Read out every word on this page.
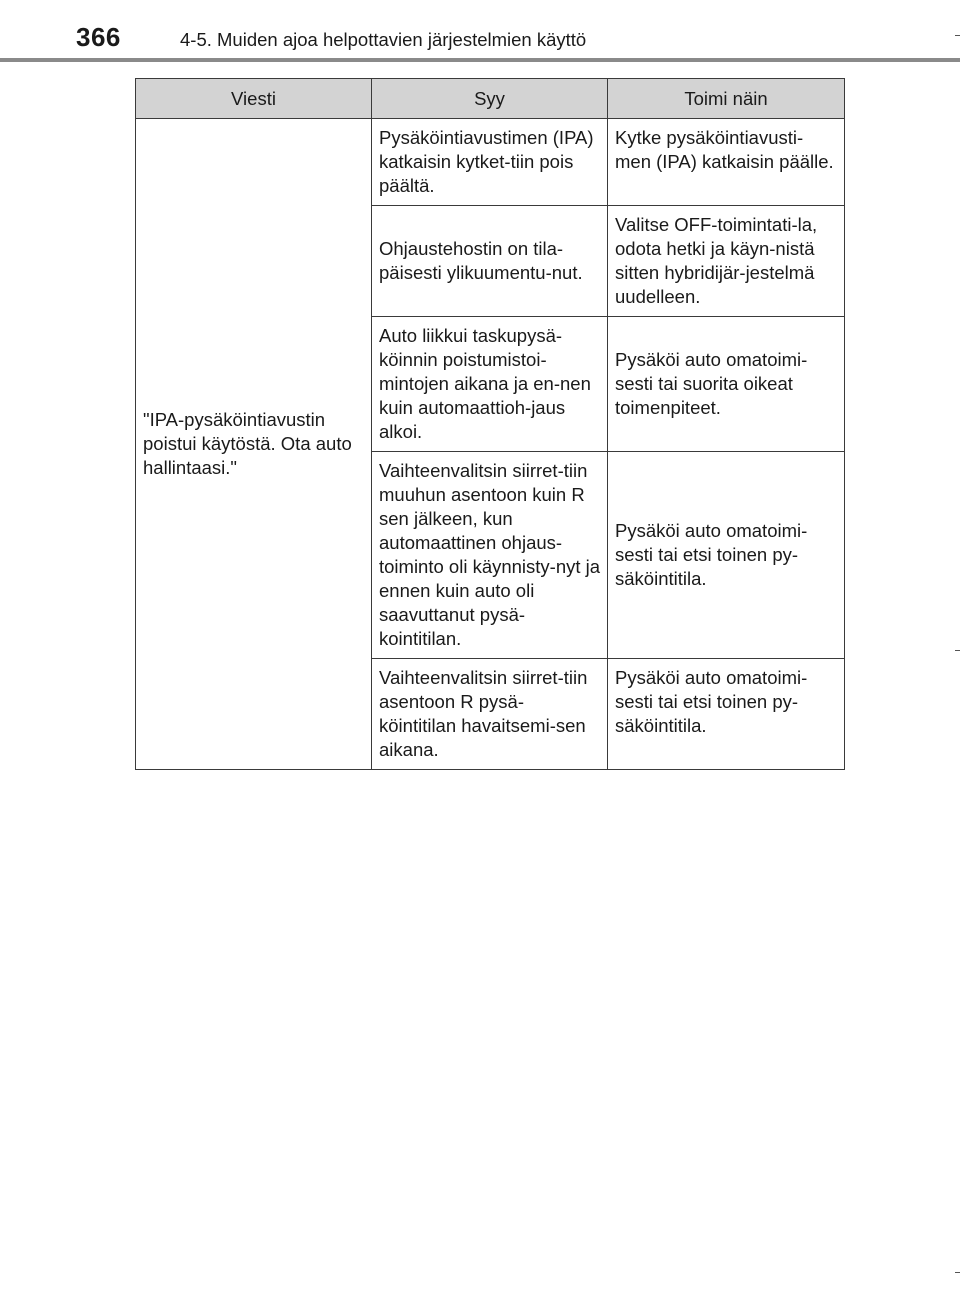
366	4-5. Muiden ajoa helpottavien järjestelmien käyttö
Viesti	Syy	Toimi näin
"IPA-pysäköintiavustin poistui käytöstä. Ota auto hallintaasi."	Pysäköintiavustimen (IPA) katkaisin kytket-tiin pois päältä.	Kytke pysäköintiavusti-men (IPA) katkaisin päälle.
	Ohjaustehostin on tila-päisesti ylikuumentu-nut.	Valitse OFF-toimintati-la, odota hetki ja käyn-nistä sitten hybridijär-jestelmä uudelleen.
	Auto liikkui taskupysä-köinnin poistumistoi-mintojen aikana ja en-nen kuin automaattioh-jaus alkoi.	Pysäköi auto omatoimi-sesti tai suorita oikeat toimenpiteet.
	Vaihteenvalitsin siirret-tiin muuhun asentoon kuin R sen jälkeen, kun automaattinen ohjaus-toiminto oli käynnisty-nyt ja ennen kuin auto oli saavuttanut pysä-kointitilan.	Pysäköi auto omatoimi-sesti tai etsi toinen py-säköintitila.
	Vaihteenvalitsin siirret-tiin asentoon R pysä-köintitilan havaitsemi-sen aikana.	Pysäköi auto omatoimi-sesti tai etsi toinen py-säköintitila.
